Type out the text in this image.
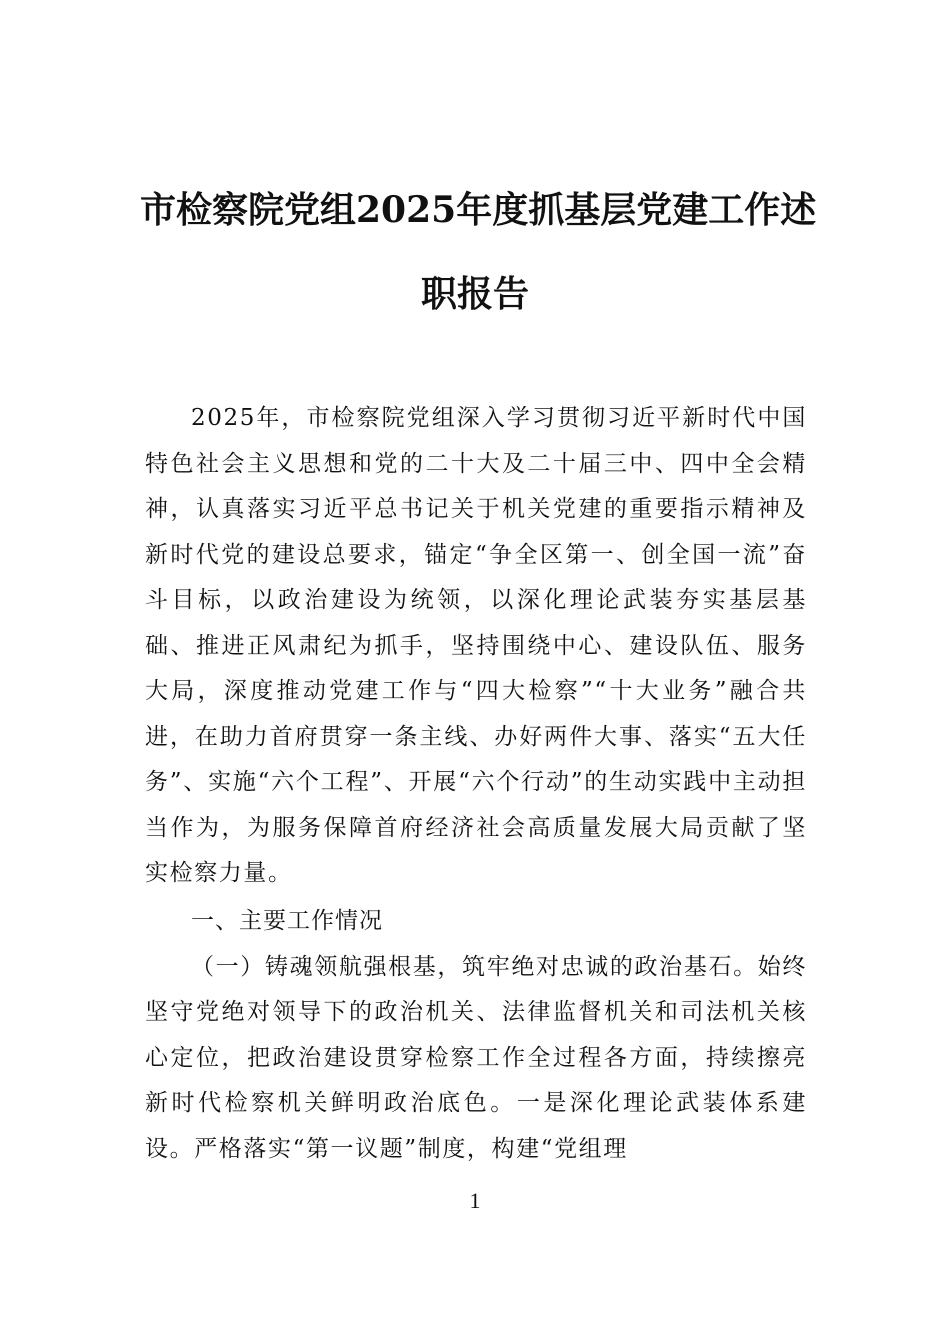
市检察院党组2025年度抓基层党建工作述
职报告

2025年，市检察院党组深入学习贯彻习近平新时代中国特色社会主义思想和党的二十大及二十届三中、四中全会精神，认真落实习近平总书记关于机关党建的重要指示精神及新时代党的建设总要求，锚定“争全区第一、创全国一流”奋斗目标，以政治建设为统领，以深化理论武装夯实基层基础、推进正风肃纪为抓手，坚持围绕中心、建设队伍、服务大局，深度推动党建工作与“四大检察”“十大业务”融合共进，在助力首府贯穿一条主线、办好两件大事、落实“五大任务”、实施“六个工程”、开展“六个行动”的生动实践中主动担当作为，为服务保障首府经济社会高质量发展大局贡献了坚实检察力量。

一、主要工作情况

（一）铸魂领航强根基，筑牢绝对忠诚的政治基石。始终坚守党绝对领导下的政治机关、法律监督机关和司法机关核心定位，把政治建设贯穿检察工作全过程各方面，持续擦亮新时代检察机关鲜明政治底色。一是深化理论武装体系建设。严格落实“第一议题”制度，构建“党组理

1
